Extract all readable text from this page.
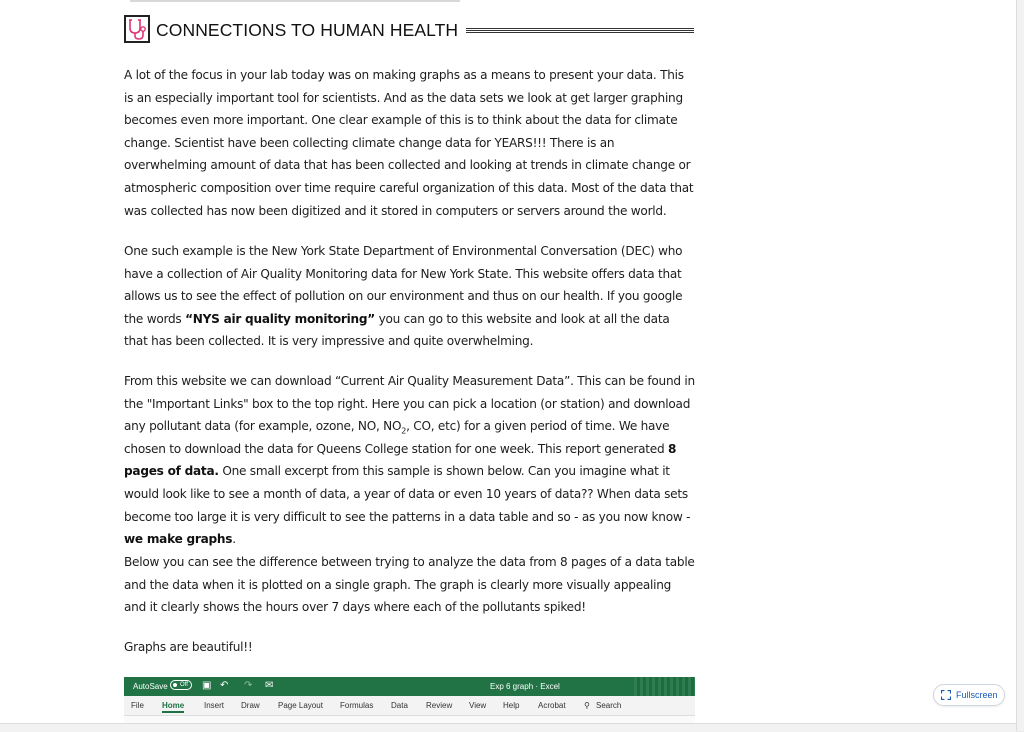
CONNECTIONS TO HUMAN HEALTH

A lot of the focus in your lab today was on making graphs as a means to present your data. This is an especially important tool for scientists. And as the data sets we look at get larger graphing becomes even more important. One clear example of this is to think about the data for climate change. Scientist have been collecting climate change data for YEARS!!! There is an overwhelming amount of data that has been collected and looking at trends in climate change or atmospheric composition over time require careful organization of this data. Most of the data that was collected has now been digitized and it stored in computers or servers around the world.

One such example is the New York State Department of Environmental Conversation (DEC) who have a collection of Air Quality Monitoring data for New York State. This website offers data that allows us to see the effect of pollution on our environment and thus on our health. If you google the words “NYS air quality monitoring” you can go to this website and look at all the data that has been collected. It is very impressive and quite overwhelming.

From this website we can download “Current Air Quality Measurement Data”. This can be found in the "Important Links" box to the top right. Here you can pick a location (or station) and download any pollutant data (for example, ozone, NO, $NO_2$, CO, etc) for a given period of time. We have chosen to download the data for Queens College station for one week. This report generated 8 pages of data. One small excerpt from this sample is shown below. Can you imagine what it would look like to see a month of data, a year of data or even 10 years of data?? When data sets become too large it is very difficult to see the patterns in a data table and so - as you now know - we make graphs.

Below you can see the difference between trying to analyze the data from 8 pages of a data table and the data when it is plotted on a single graph. The graph is clearly more visually appealing and it clearly shows the hours over 7 days where each of the pollutants spiked!

Graphs are beautiful!!

AutoSave Off ▣ ↶ ↷ ✉	Exp 6 graph · Excel
File Home Insert Draw Page Layout Formulas Data Review View Help Acrobat ⚲ Search
Fullscreen
